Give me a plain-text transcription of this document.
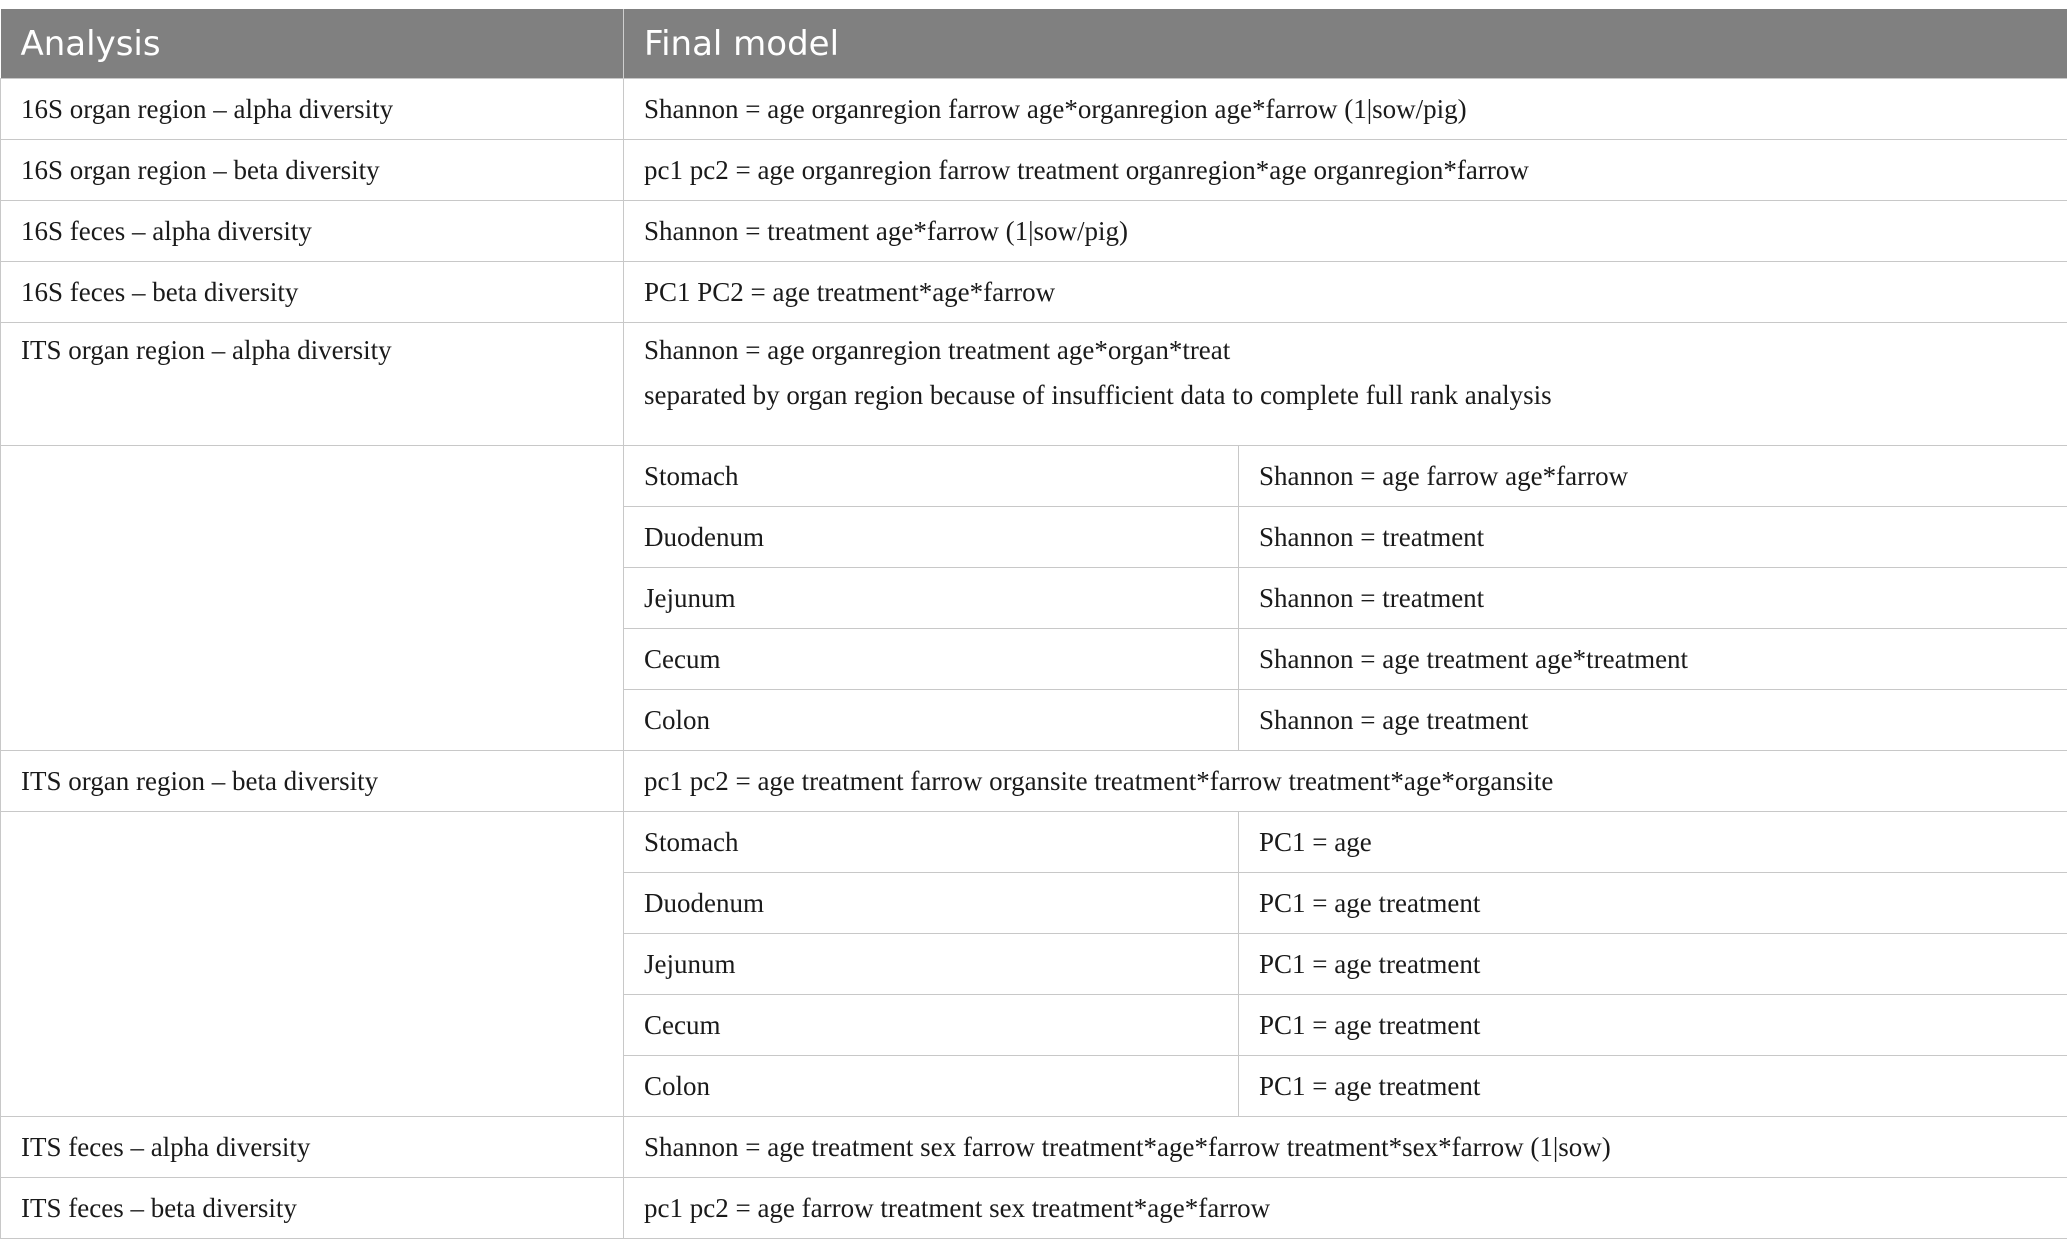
Analysis	Final model	
16S organ region – alpha diversity	Shannon = age organregion farrow age*organregion age*farrow (1|sow/pig)	
16S organ region – beta diversity	pc1 pc2 = age organregion farrow treatment organregion*age organregion*farrow	
16S feces – alpha diversity	Shannon = treatment age*farrow (1|sow/pig)	
16S feces – beta diversity	PC1 PC2 = age treatment*age*farrow	
ITS organ region – alpha diversity	Shannon = age organregion treatment age*organ*treat
separated by organ region because of insufficient data to complete full rank analysis	

	Stomach	Shannon = age farrow age*farrow
	Duodenum	Shannon = treatment
	Jejunum	Shannon = treatment
	Cecum	Shannon = age treatment age*treatment
	Colon	Shannon = age treatment
ITS organ region – beta diversity	pc1 pc2 = age treatment farrow organsite treatment*farrow treatment*age*organsite	
	Stomach	PC1 = age
	Duodenum	PC1 = age treatment
	Jejunum	PC1 = age treatment
	Cecum	PC1 = age treatment
	Colon	PC1 = age treatment
ITS feces – alpha diversity	Shannon = age treatment sex farrow treatment*age*farrow treatment*sex*farrow (1|sow)	
ITS feces – beta diversity	pc1 pc2 = age farrow treatment sex treatment*age*farrow	
